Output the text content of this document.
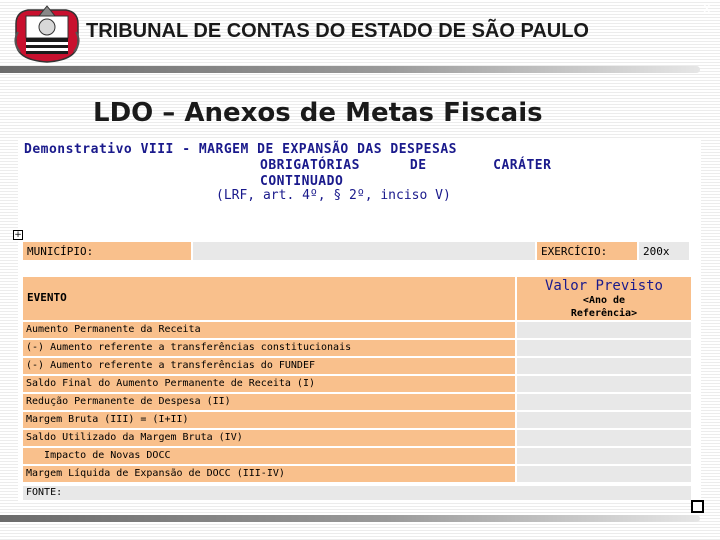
TRIBUNAL DE CONTAS DO ESTADO DE SÃO PAULO
X
LDO – Anexos de Metas Fiscais
Demonstrativo VIII - MARGEM DE EXPANSÃO DAS DESPESAS
OBRIGATÓRIAS      DE        CARÁTER
CONTINUADO
(LRF, art. 4º, § 2º, inciso V)
+
MUNICÍPIO:	EXERCÍCIO:	200x
EVENTO
Valor Previsto
<Ano de
Referência>
Aumento Permanente da Receita
(-) Aumento referente a transferências constitucionais
(-) Aumento referente a transferências do FUNDEF
Saldo Final do Aumento Permanente de Receita (I)
Redução Permanente de Despesa (II)
Margem Bruta (III) = (I+II)
Saldo Utilizado da Margem Bruta (IV)
Impacto de Novas DOCC
Margem Líquida de Expansão de DOCC (III-IV)
FONTE:
